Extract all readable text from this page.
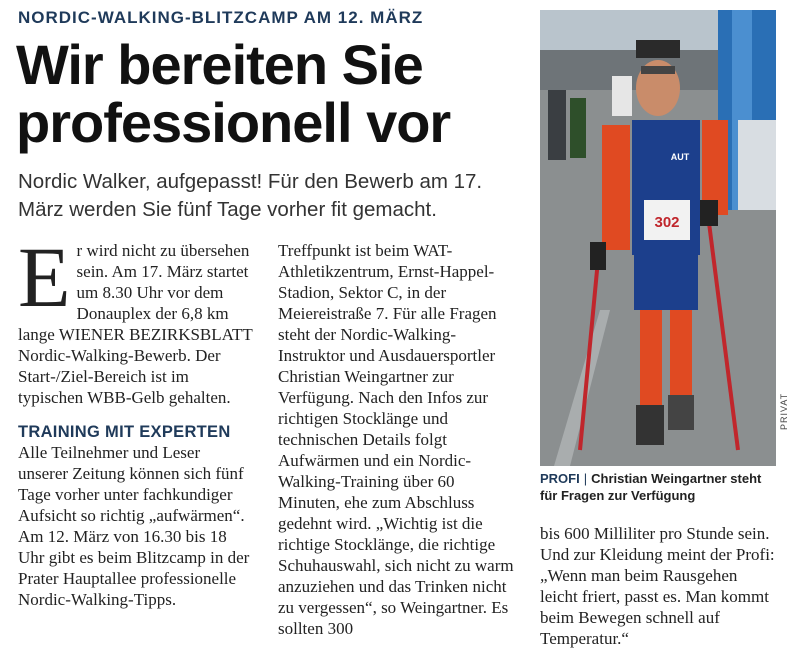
NORDIC-WALKING-BLITZCAMP AM 12. MÄRZ
Wir bereiten Sie professionell vor
Nordic Walker, aufgepasst! Für den Bewerb am 17. März werden Sie fünf Tage vorher fit gemacht.

Er wird nicht zu übersehen sein. Am 17. März startet um 8.30 Uhr vor dem Donauplex der 6,8 km lange WIENER BEZIRKSBLATT Nordic-Walking-Bewerb. Der Start-/Ziel-Bereich ist im typischen WBB-Gelb gehalten.

TRAINING MIT EXPERTEN

Alle Teilnehmer und Leser unserer Zeitung können sich fünf Tage vorher unter fachkundiger Aufsicht so richtig „aufwärmen“. Am 12. März von 16.30 bis 18 Uhr gibt es beim Blitzcamp in der Prater Hauptallee professionelle Nordic-Walking-Tipps.

Treffpunkt ist beim WAT-Athletikzentrum, Ernst-Happel-Stadion, Sektor C, in der Meiereistraße 7. Für alle Fragen steht der Nordic-Walking-Instruktor und Ausdauersportler Christian Weingartner zur Verfügung. Nach den Infos zur richtigen Stocklänge und technischen Details folgt Aufwärmen und ein Nordic-Walking-Training über 60 Minuten, ehe zum Abschluss gedehnt wird. „Wichtig ist die richtige Stocklänge, die richtige Schuhauswahl, sich nicht zu warm anzuziehen und das Trinken nicht zu vergessen“, so Weingartner. Es sollten 300

bis 600 Milliliter pro Stunde sein. Und zur Kleidung meint der Profi: „Wenn man beim Rausgehen leicht friert, passt es. Man kommt beim Bewegen schnell auf Temperatur.“

302
AUT
PRIVAT
PROFI | Christian Weingartner steht für Fragen zur Verfügung
